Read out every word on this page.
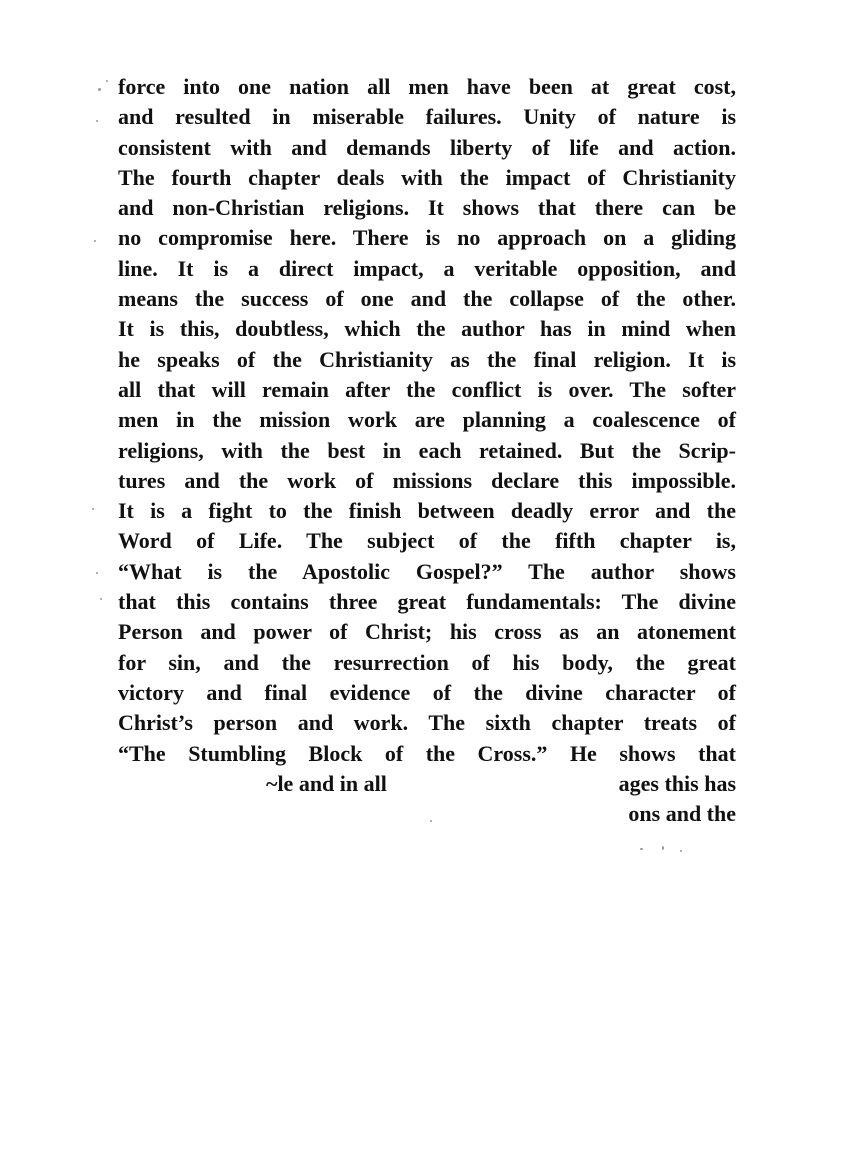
force into one nation all men have been at great cost,
and resulted in miserable failures. Unity of nature is
consistent with and demands liberty of life and action.
The fourth chapter deals with the impact of Christianity
and non-Christian religions. It shows that there can be
no compromise here. There is no approach on a gliding
line. It is a direct impact, a veritable opposition, and
means the success of one and the collapse of the other.
It is this, doubtless, which the author has in mind when
he speaks of the Christianity as the final religion. It is
all that will remain after the conflict is over. The softer
men in the mission work are planning a coalescence of
religions, with the best in each retained. But the Scrip-
tures and the work of missions declare this impossible.
It is a fight to the finish between deadly error and the
Word of Life. The subject of the fifth chapter is,
“What is the Apostolic Gospel?” The author shows
that this contains three great fundamentals: The divine
Person and power of Christ; his cross as an atonement
for sin, and the resurrection of his body, the great
victory and final evidence of the divine character of
Christ’s person and work. The sixth chapter treats of
“The Stumbling Block of the Cross.” He shows that
~le and in all	ages this has
ons and the
